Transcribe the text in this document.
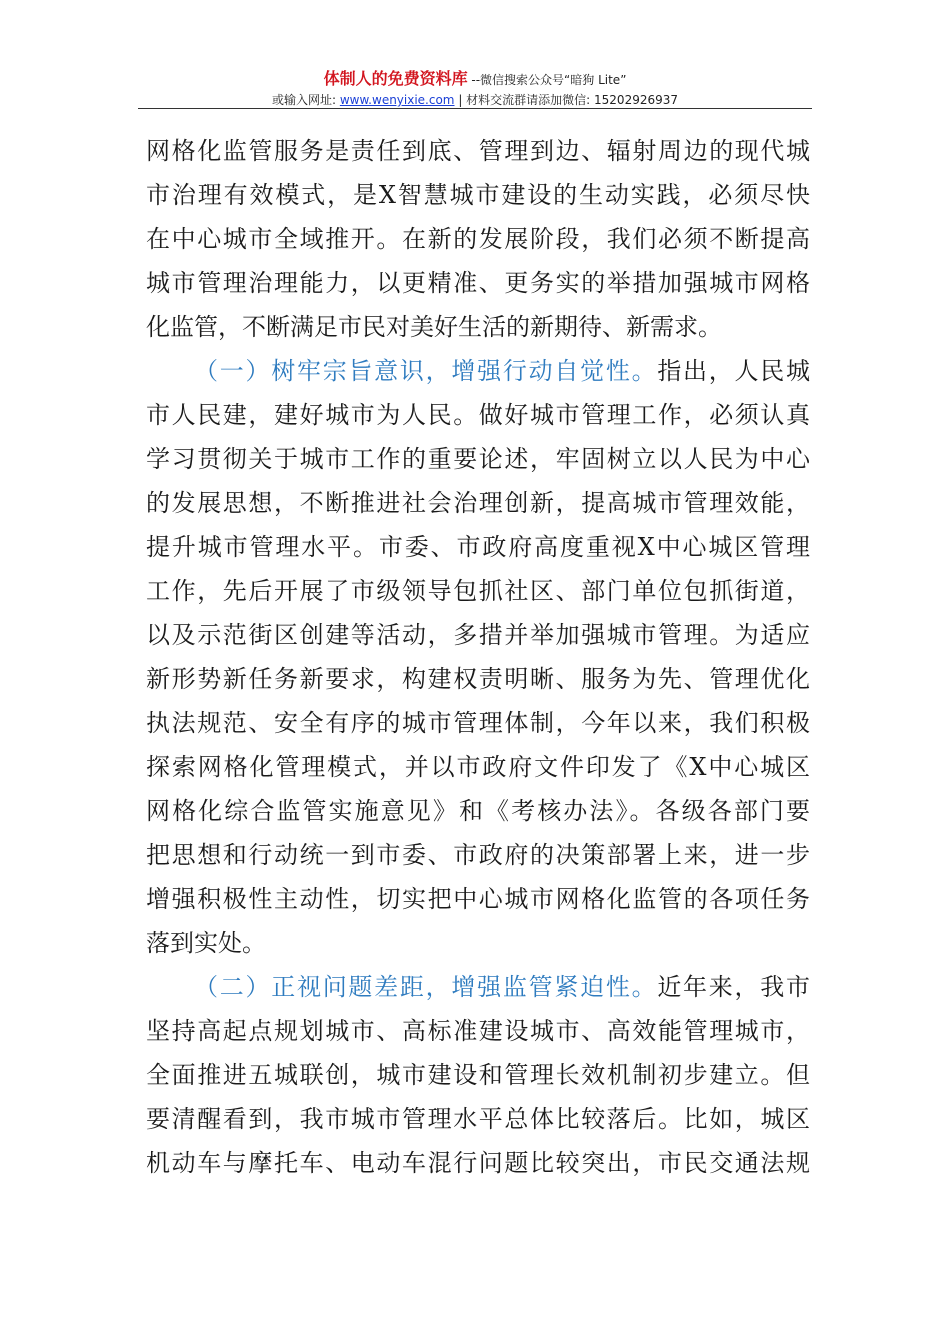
体制人的免费资料库 --微信搜索公众号“暗狗 Lite”
或输入网址: www.wenyixie.com | 材料交流群请添加微信: 15202926937
网格化监管服务是责任到底、管理到边、辐射周边的现代城
市治理有效模式，是X智慧城市建设的生动实践，必须尽快
在中心城市全域推开。在新的发展阶段，我们必须不断提高
城市管理治理能力，以更精准、更务实的举措加强城市网格
化监管，不断满足市民对美好生活的新期待、新需求。
（一）树牢宗旨意识，增强行动自觉性。指出，人民城
市人民建，建好城市为人民。做好城市管理工作，必须认真
学习贯彻关于城市工作的重要论述，牢固树立以人民为中心
的发展思想，不断推进社会治理创新，提高城市管理效能，
提升城市管理水平。市委、市政府高度重视X中心城区管理
工作，先后开展了市级领导包抓社区、部门单位包抓街道，
以及示范街区创建等活动，多措并举加强城市管理。为适应
新形势新任务新要求，构建权责明晰、服务为先、管理优化
执法规范、安全有序的城市管理体制，今年以来，我们积极
探索网格化管理模式，并以市政府文件印发了《X中心城区
网格化综合监管实施意见》和《考核办法》。各级各部门要
把思想和行动统一到市委、市政府的决策部署上来，进一步
增强积极性主动性，切实把中心城市网格化监管的各项任务
落到实处。
（二）正视问题差距，增强监管紧迫性。近年来，我市
坚持高起点规划城市、高标准建设城市、高效能管理城市，
全面推进五城联创，城市建设和管理长效机制初步建立。但
要清醒看到，我市城市管理水平总体比较落后。比如，城区
机动车与摩托车、电动车混行问题比较突出，市民交通法规
